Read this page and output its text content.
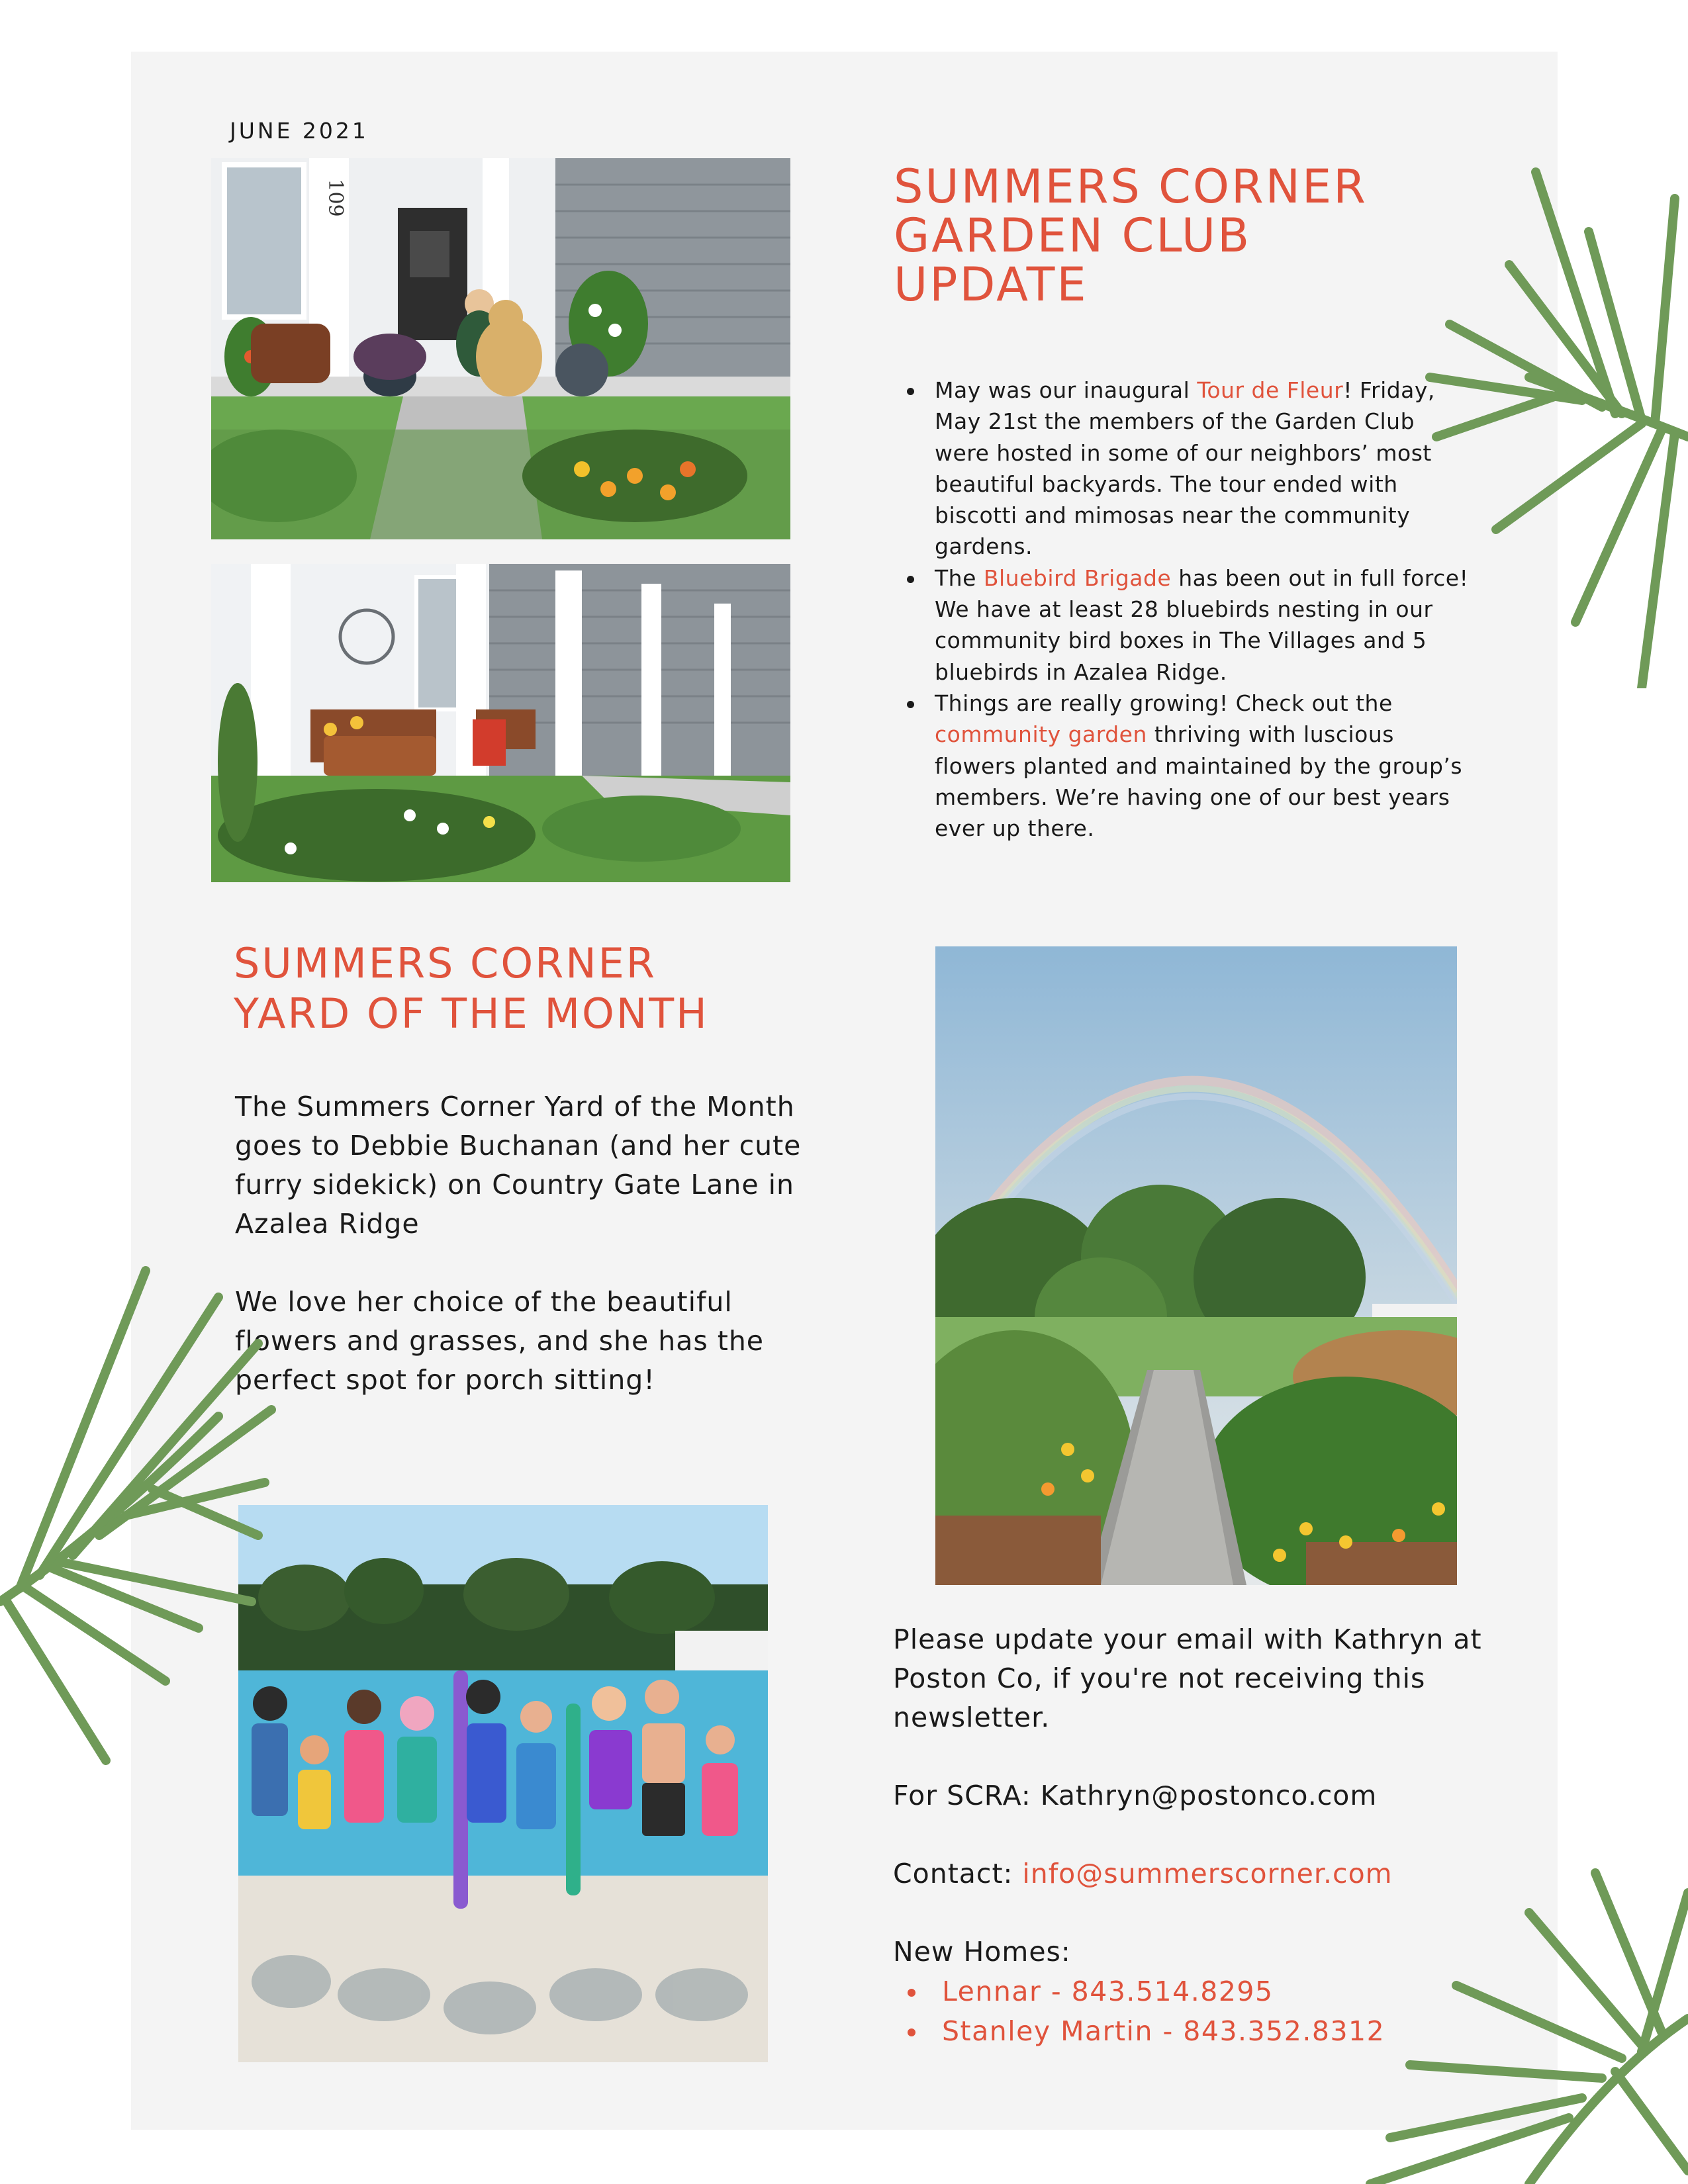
JUNE 2021
109	SUMMERS CORNER
GARDEN CLUB
UPDATE
May was our inaugural Tour de Fleur! Friday, May 21st the members of the Garden Club were hosted in some of our neighbors’ most beautiful backyards. The tour ended with biscotti and mimosas near the community gardens.
The Bluebird Brigade has been out in full force! We have at least 28 bluebirds nesting in our community bird boxes in The Villages and 5 bluebirds in Azalea Ridge.
Things are really growing! Check out the community garden thriving with luscious flowers planted and maintained by the group’s members. We’re having one of our best years ever up there.
SUMMERS CORNER
YARD OF THE MONTH

The Summers Corner Yard of the Month goes to Debbie Buchanan (and her cute furry sidekick) on Country Gate Lane in Azalea Ridge

We love her choice of the beautiful flowers and grasses, and she has the perfect spot for porch sitting!

Please update your email with Kathryn at Poston Co, if you're not receiving this newsletter.

For SCRA: Kathryn@postonco.com

Contact: info@summerscorner.com

New Homes:

Lennar - 843.514.8295
Stanley Martin - 843.352.8312
